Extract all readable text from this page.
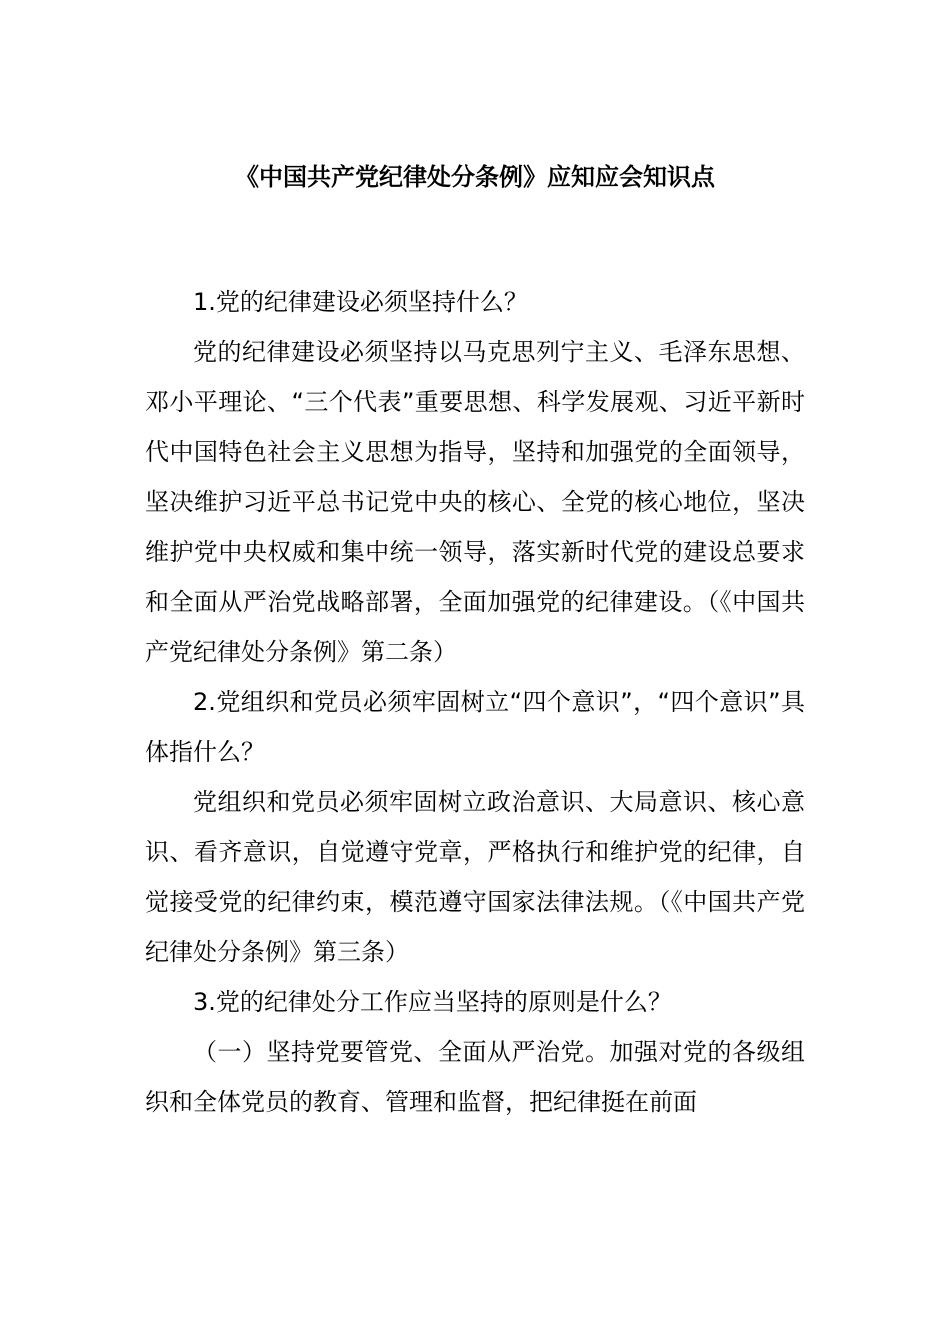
《中国共产党纪律处分条例》应知应会知识点

1.党的纪律建设必须坚持什么？

党的纪律建设必须坚持以马克思列宁主义、毛泽东思想、邓小平理论、“三个代表”重要思想、科学发展观、习近平新时代中国特色社会主义思想为指导，坚持和加强党的全面领导，坚决维护习近平总书记党中央的核心、全党的核心地位，坚决维护党中央权威和集中统一领导，落实新时代党的建设总要求和全面从严治党战略部署，全面加强党的纪律建设。（《中国共产党纪律处分条例》第二条）

2.党组织和党员必须牢固树立“四个意识”，“四个意识”具体指什么？

党组织和党员必须牢固树立政治意识、大局意识、核心意识、看齐意识，自觉遵守党章，严格执行和维护党的纪律，自觉接受党的纪律约束，模范遵守国家法律法规。（《中国共产党纪律处分条例》第三条）

3.党的纪律处分工作应当坚持的原则是什么？

（一）坚持党要管党、全面从严治党。加强对党的各级组织和全体党员的教育、管理和监督，把纪律挺在前面
